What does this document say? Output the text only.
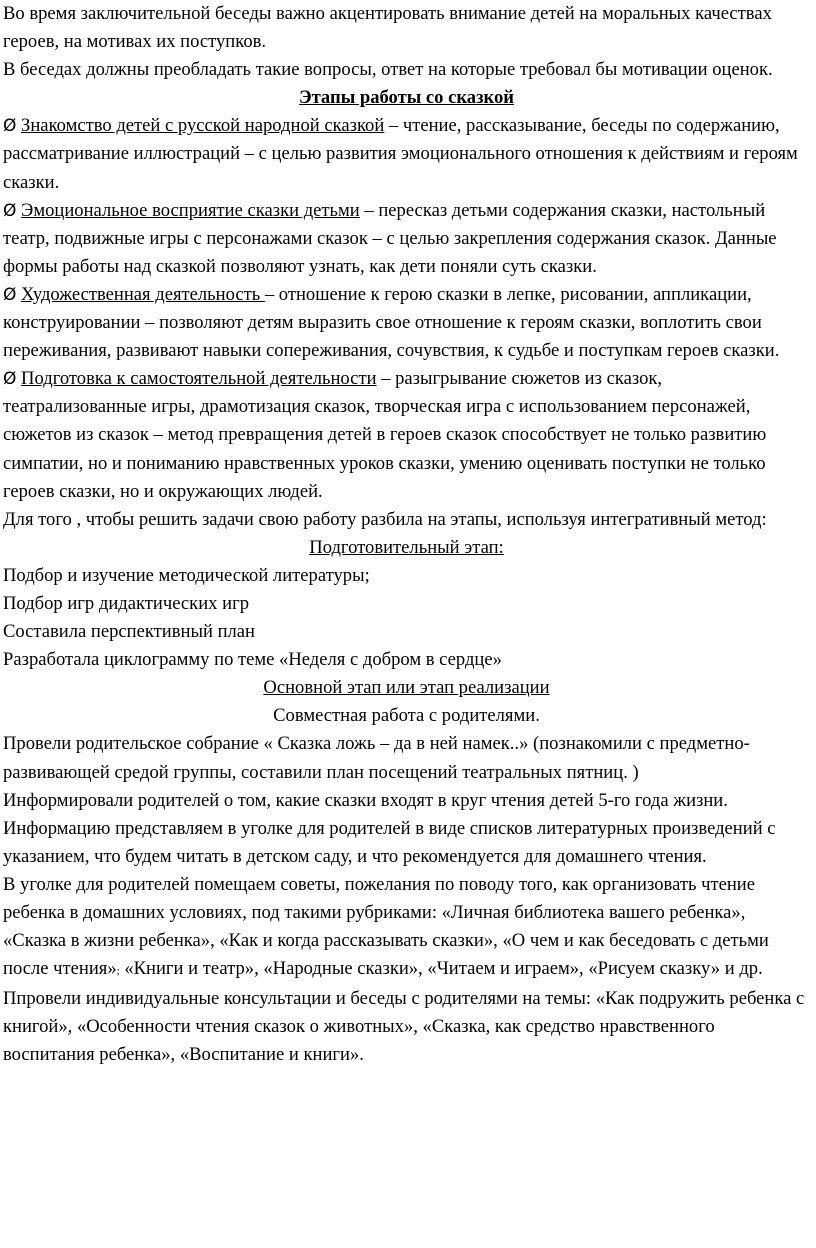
Во время заключительной беседы важно акцентировать внимание детей на моральных качествах героев, на мотивах их поступков.

В беседах должны преобладать такие вопросы, ответ на которые требовал бы мотивации оценок.

Этапы работы со сказкой

Ø Знакомство детей с русской народной сказкой – чтение, рассказывание, беседы по содержанию, рассматривание иллюстраций – с целью развития эмоционального отношения к действиям и героям сказки.

Ø Эмоциональное восприятие сказки детьми – пересказ детьми содержания сказки, настольный театр, подвижные игры с персонажами сказок – с целью закрепления содержания сказок. Данные формы работы над сказкой позволяют узнать, как дети поняли суть сказки.

Ø Художественная деятельность – отношение к герою сказки в лепке, рисовании, аппликации, конструировании – позволяют детям выразить свое отношение к героям сказки, воплотить свои переживания, развивают навыки сопереживания, сочувствия, к судьбе и поступкам героев сказки.

Ø Подготовка к самостоятельной деятельности – разыгрывание сюжетов из сказок, театрализованные игры, драмотизация сказок, творческая игра с использованием персонажей, сюжетов из сказок – метод превращения детей в героев сказок способствует не только развитию симпатии, но и пониманию нравственных уроков сказки, умению оценивать поступки не только героев сказки, но и окружающих людей.

Для того , чтобы решить задачи свою работу разбила на этапы, используя интегративный метод:

Подготовительный этап:

Подбор и изучение методической литературы;

Подбор игр дидактических игр

Составила перспективный план

Разработала циклограмму по теме «Неделя с добром в сердце»

Основной этап или этап реализации

Совместная работа с родителями.

Провели родительское собрание « Сказка ложь – да в ней намек..» (познакомили с предметно-развивающей средой группы, составили план посещений театральных пятниц. )

Информировали родителей о том, какие сказки входят в круг чтения детей 5-го года жизни. Информацию представляем в уголке для родителей в виде списков литературных произведений с указанием, что будем читать в детском саду, и что рекомендуется для домашнего чтения.

В уголке для родителей помещаем советы, пожелания по поводу того, как организовать чтение ребенка в домашних условиях, под такими рубриками: «Личная библиотека вашего ребенка», «Сказка в жизни ребенка», «Как и когда рассказывать сказки», «О чем и как беседовать с детьми после чтения»; «Книги и театр», «Народные сказки», «Читаем и играем», «Рисуем сказку» и др.

Ппровели индивидуальные консультации и беседы с родителями на темы: «Как подружить ребенка с книгой», «Особенности чтения сказок о животных», «Сказка, как средство нравственного воспитания ребенка», «Воспитание и книги».
